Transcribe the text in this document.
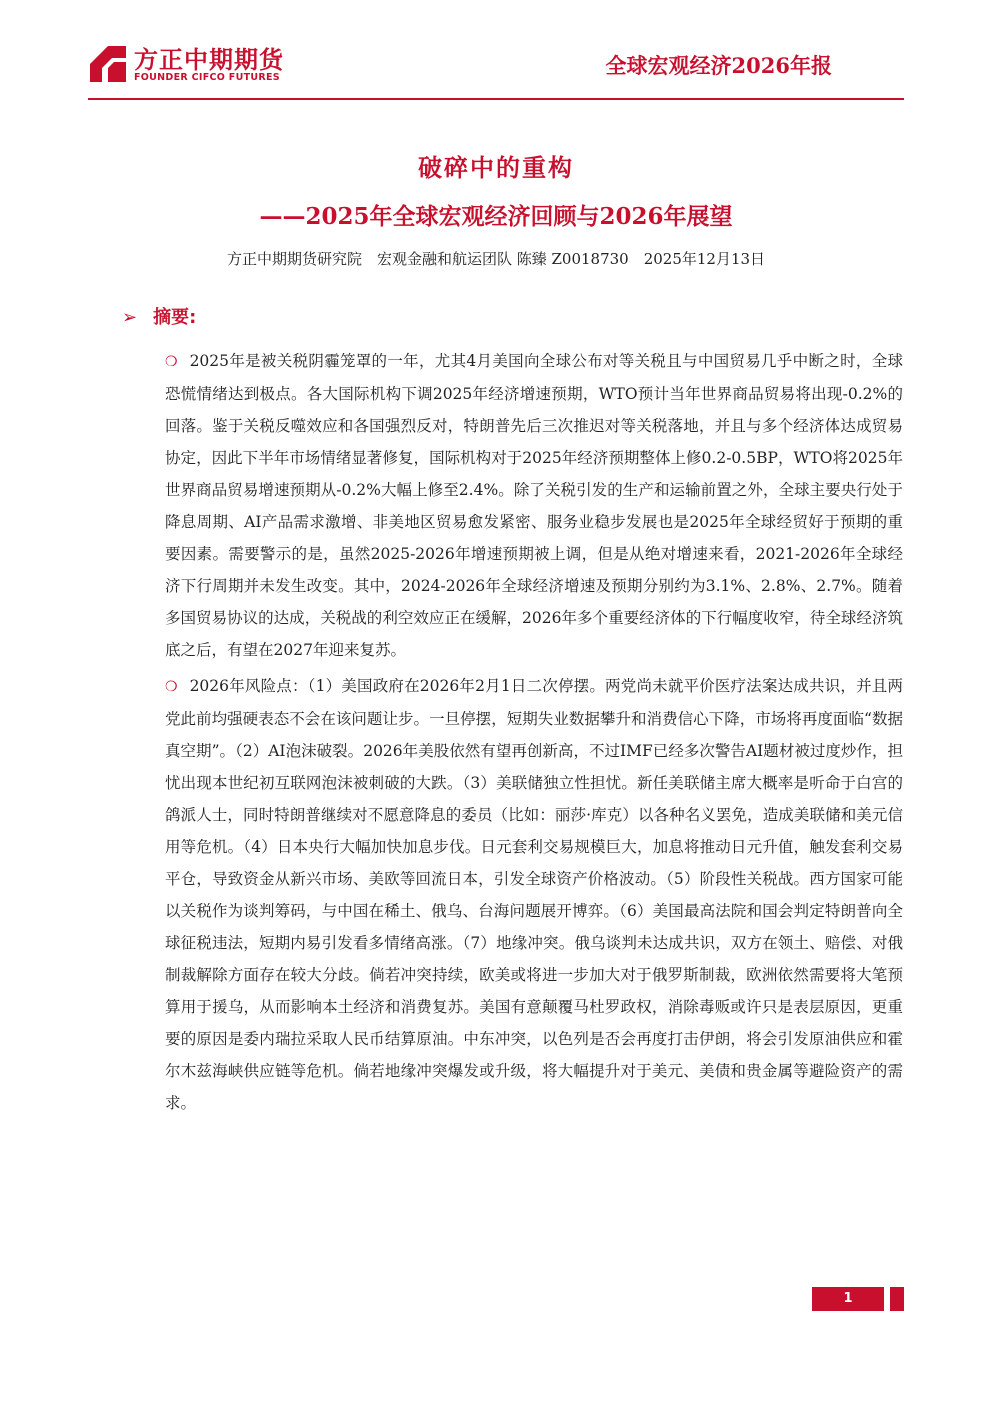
方正中期期货
FOUNDER CIFCO FUTURES	全球宏观经济2026年报
破碎中的重构
——2025年全球宏观经济回顾与2026年展望
方正中期期货研究院　宏观金融和航运团队 陈臻 Z0018730　2025年12月13日
➢ 摘要:

❍ 2025年是被关税阴霾笼罩的一年，尤其4月美国向全球公布对等关税且与中国贸易几乎中断之时，全球恐慌情绪达到极点。各大国际机构下调2025年经济增速预期，WTO预计当年世界商品贸易将出现-0.2%的回落。鉴于关税反噬效应和各国强烈反对，特朗普先后三次推迟对等关税落地，并且与多个经济体达成贸易协定，因此下半年市场情绪显著修复，国际机构对于2025年经济预期整体上修0.2-0.5BP，WTO将2025年世界商品贸易增速预期从-0.2%大幅上修至2.4%。除了关税引发的生产和运输前置之外，全球主要央行处于降息周期、AI产品需求激增、非美地区贸易愈发紧密、服务业稳步发展也是2025年全球经贸好于预期的重要因素。需要警示的是，虽然2025-2026年增速预期被上调，但是从绝对增速来看，2021-2026年全球经济下行周期并未发生改变。其中，2024-2026年全球经济增速及预期分别约为3.1%、2.8%、2.7%。随着多国贸易协议的达成，关税战的利空效应正在缓解，2026年多个重要经济体的下行幅度收窄，待全球经济筑底之后，有望在2027年迎来复苏。

❍ 2026年风险点：（1）美国政府在2026年2月1日二次停摆。两党尚未就平价医疗法案达成共识，并且两党此前均强硬表态不会在该问题让步。一旦停摆，短期失业数据攀升和消费信心下降，市场将再度面临“数据真空期”。（2）AI泡沫破裂。2026年美股依然有望再创新高，不过IMF已经多次警告AI题材被过度炒作，担忧出现本世纪初互联网泡沫被刺破的大跌。（3）美联储独立性担忧。新任美联储主席大概率是听命于白宫的鸽派人士，同时特朗普继续对不愿意降息的委员（比如：丽莎·库克）以各种名义罢免，造成美联储和美元信用等危机。（4）日本央行大幅加快加息步伐。日元套利交易规模巨大，加息将推动日元升值，触发套利交易平仓，导致资金从新兴市场、美欧等回流日本，引发全球资产价格波动。（5）阶段性关税战。西方国家可能以关税作为谈判筹码，与中国在稀土、俄乌、台海问题展开博弈。（6）美国最高法院和国会判定特朗普向全球征税违法，短期内易引发看多情绪高涨。（7）地缘冲突。俄乌谈判未达成共识，双方在领土、赔偿、对俄制裁解除方面存在较大分歧。倘若冲突持续，欧美或将进一步加大对于俄罗斯制裁，欧洲依然需要将大笔预算用于援乌，从而影响本土经济和消费复苏。美国有意颠覆马杜罗政权，消除毒贩或许只是表层原因，更重要的原因是委内瑞拉采取人民币结算原油。中东冲突，以色列是否会再度打击伊朗，将会引发原油供应和霍尔木兹海峡供应链等危机。倘若地缘冲突爆发或升级，将大幅提升对于美元、美债和贵金属等避险资产的需求。

1
